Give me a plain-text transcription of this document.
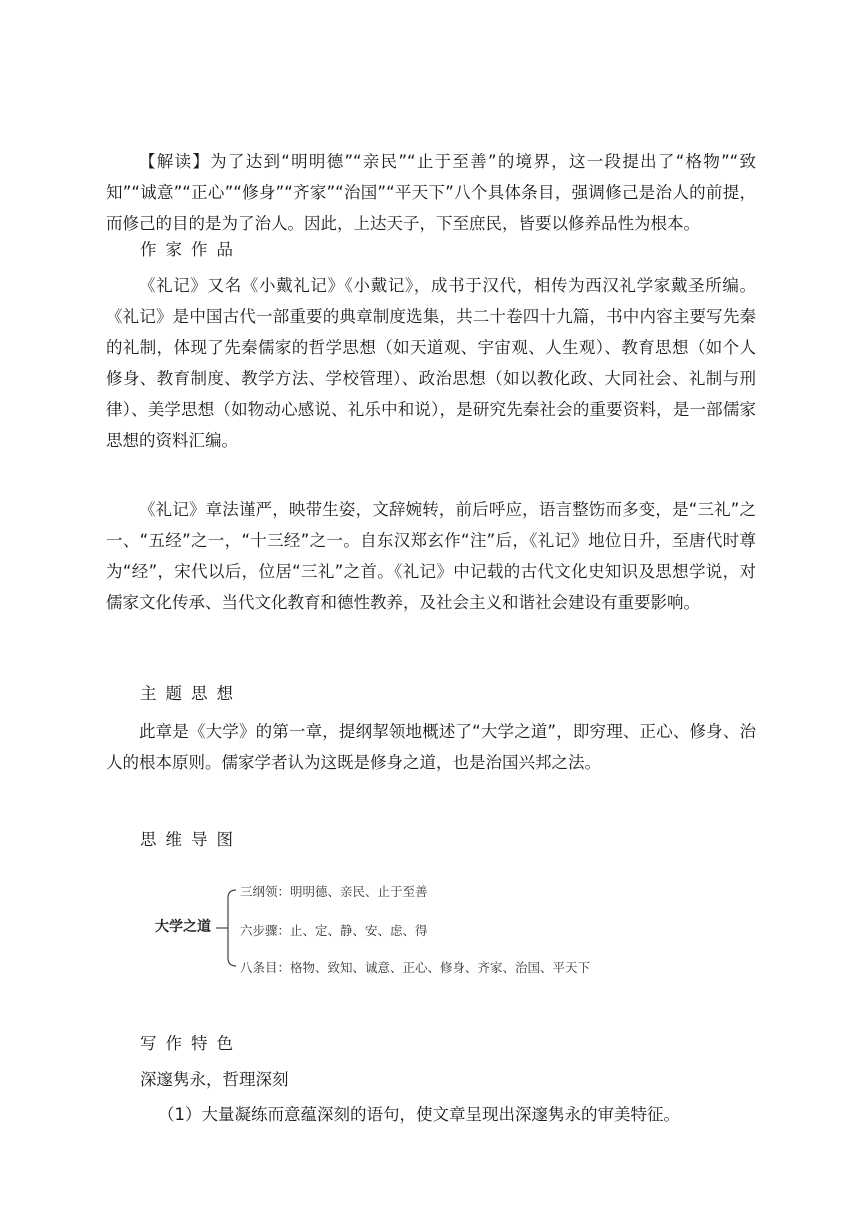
【解读】为了达到“明明德”“亲民”“止于至善”的境界，这一段提出了“格物”“致知”“诚意”“正心”“修身”“齐家”“治国”“平天下”八个具体条目，强调修己是治人的前提，而修己的目的是为了治人。因此，上达天子，下至庶民，皆要以修养品性为根本。

作家作品

《礼记》又名《小戴礼记》《小戴记》，成书于汉代，相传为西汉礼学家戴圣所编。《礼记》是中国古代一部重要的典章制度选集，共二十卷四十九篇，书中内容主要写先秦的礼制，体现了先秦儒家的哲学思想（如天道观、宇宙观、人生观）、教育思想（如个人修身、教育制度、教学方法、学校管理）、政治思想（如以教化政、大同社会、礼制与刑律）、美学思想（如物动心感说、礼乐中和说），是研究先秦社会的重要资料，是一部儒家思想的资料汇编。

《礼记》章法谨严，映带生姿，文辞婉转，前后呼应，语言整饬而多变，是“三礼”之一、“五经”之一，“十三经”之一。自东汉郑玄作“注”后，《礼记》地位日升，至唐代时尊为“经”，宋代以后，位居“三礼”之首。《礼记》中记载的古代文化史知识及思想学说，对儒家文化传承、当代文化教育和德性教养，及社会主义和谐社会建设有重要影响。

主题思想

此章是《大学》的第一章，提纲挈领地概述了“大学之道”，即穷理、正心、修身、治人的根本原则。儒家学者认为这既是修身之道，也是治国兴邦之法。

思维导图
大学之道
三纲领：明明德、亲民、止于至善
六步骤：止、定、静、安、虑、得
八条目：格物、致知、诚意、正心、修身、齐家、治国、平天下
写作特色

深邃隽永，哲理深刻

（1）大量凝练而意蕴深刻的语句，使文章呈现出深邃隽永的审美特征。
